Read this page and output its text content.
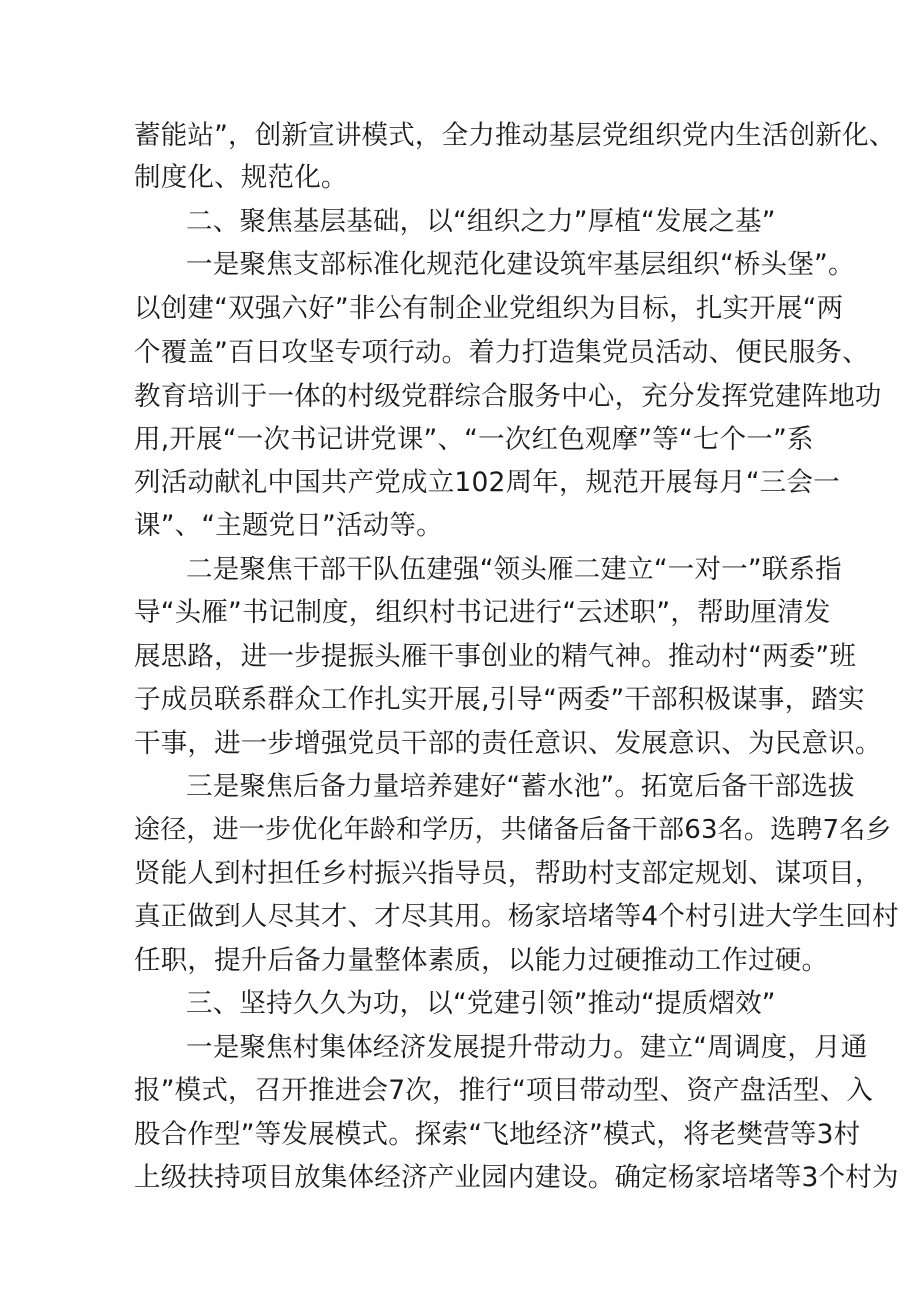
蓄能站”，创新宣讲模式，全力推动基层党组织党内生活创新化、
制度化、规范化。
二、聚焦基层基础，以“组织之力”厚植“发展之基”
一是聚焦支部标准化规范化建设筑牢基层组织“桥头堡”。
以创建“双强六好”非公有制企业党组织为目标，扎实开展“两
个覆盖”百日攻坚专项行动。着力打造集党员活动、便民服务、
教育培训于一体的村级党群综合服务中心，充分发挥党建阵地功
用,开展“一次书记讲党课”、“一次红色观摩”等“七个一”系
列活动献礼中国共产党成立102周年，规范开展每月“三会一
课”、“主题党日”活动等。
二是聚焦干部干队伍建强“领头雁二建立“一对一”联系指
导“头雁”书记制度，组织村书记进行“云述职”，帮助厘清发
展思路，进一步提振头雁干事创业的精气神。推动村“两委”班
子成员联系群众工作扎实开展,引导“两委”干部积极谋事，踏实
干事，进一步增强党员干部的责任意识、发展意识、为民意识。
三是聚焦后备力量培养建好“蓄水池”。拓宽后备干部选拔
途径，进一步优化年龄和学历，共储备后备干部63名。选聘7名乡
贤能人到村担任乡村振兴指导员，帮助村支部定规划、谋项目，
真正做到人尽其才、才尽其用。杨家培堵等4个村引进大学生回村
任职，提升后备力量整体素质，以能力过硬推动工作过硬。
三、坚持久久为功，以“党建引领”推动“提质熠效”
一是聚焦村集体经济发展提升带动力。建立“周调度，月通
报”模式，召开推进会7次，推行“项目带动型、资产盘活型、入
股合作型”等发展模式。探索“飞地经济”模式，将老樊营等3村
上级扶持项目放集体经济产业园内建设。确定杨家培堵等3个村为
